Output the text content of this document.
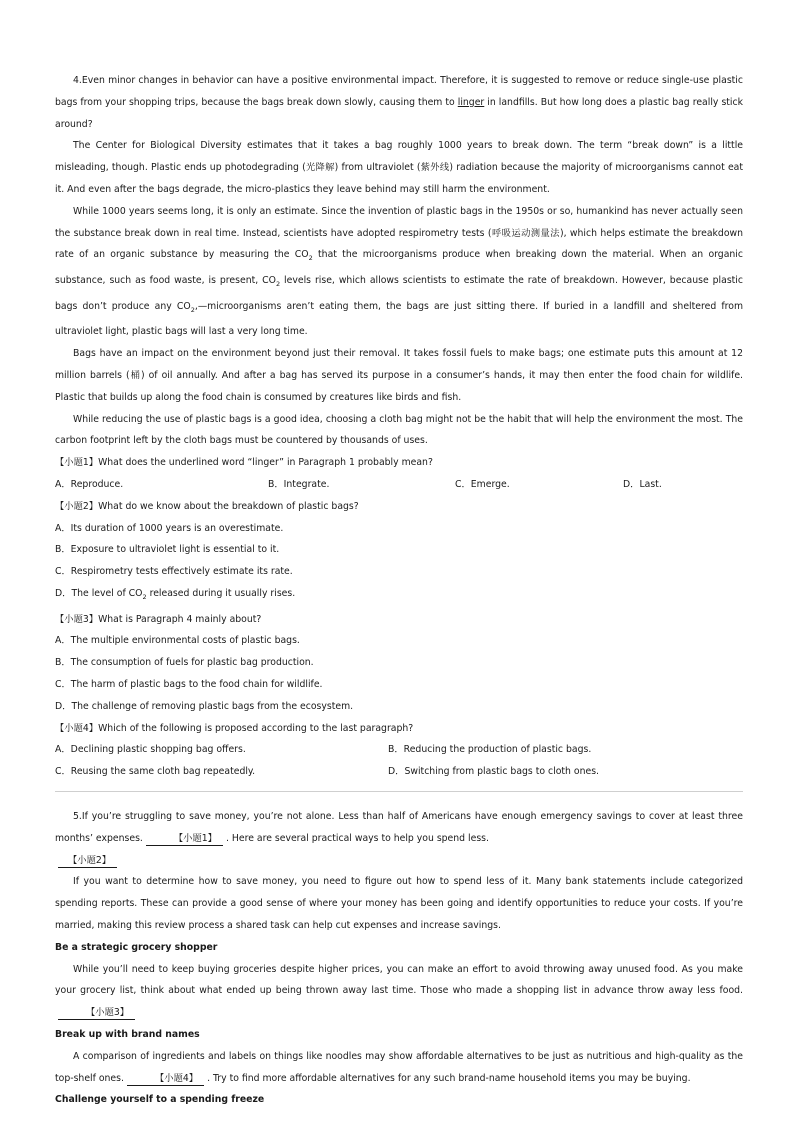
4.Even minor changes in behavior can have a positive environmental impact. Therefore, it is suggested to remove or reduce single-use plastic bags from your shopping trips, because the bags break down slowly, causing them to linger in landfills. But how long does a plastic bag really stick around?

The Center for Biological Diversity estimates that it takes a bag roughly 1000 years to break down. The term “break down” is a little misleading, though. Plastic ends up photodegrading (光降解) from ultraviolet (紫外线) radiation because the majority of microorganisms cannot eat it. And even after the bags degrade, the micro-plastics they leave behind may still harm the environment.

While 1000 years seems long, it is only an estimate. Since the invention of plastic bags in the 1950s or so, humankind has never actually seen the substance break down in real time. Instead, scientists have adopted respirometry tests (呼吸运动测量法), which helps estimate the breakdown rate of an organic substance by measuring the $CO_2$ that the microorganisms produce when breaking down the material. When an organic substance, such as food waste, is present, $CO_2$ levels rise, which allows scientists to estimate the rate of breakdown. However, because plastic bags don’t produce any $CO_2,—microorganisms$ aren’t eating them, the bags are just sitting there. If buried in a landfill and sheltered from ultraviolet light, plastic bags will last a very long time.

Bags have an impact on the environment beyond just their removal. It takes fossil fuels to make bags; one estimate puts this amount at 12 million barrels (桶) of oil annually. And after a bag has served its purpose in a consumer’s hands, it may then enter the food chain for wildlife. Plastic that builds up along the food chain is consumed by creatures like birds and fish.

While reducing the use of plastic bags is a good idea, choosing a cloth bag might not be the habit that will help the environment the most. The carbon footprint left by the cloth bags must be countered by thousands of uses.

【小题1】What does the underlined word “linger” in Paragraph 1 probably mean?

A．Reproduce.	B．Integrate.	C．Emerge.	D．Last.

【小题2】What do we know about the breakdown of plastic bags?

A．Its duration of 1000 years is an overestimate.

B．Exposure to ultraviolet light is essential to it.

C．Respirometry tests effectively estimate its rate.

D．The level of $CO_2$ released during it usually rises.

【小题3】What is Paragraph 4 mainly about?

A．The multiple environmental costs of plastic bags.

B．The consumption of fuels for plastic bag production.

C．The harm of plastic bags to the food chain for wildlife.

D．The challenge of removing plastic bags from the ecosystem.

【小题4】Which of the following is proposed according to the last paragraph?

A．Declining plastic shopping bag offers.	B．Reducing the production of plastic bags.
C．Reusing the same cloth bag repeatedly.	D．Switching from plastic bags to cloth ones.

5.If you’re struggling to save money, you’re not alone. Less than half of Americans have enough emergency savings to cover at least three months’ expenses.	【小题1】 . Here are several practical ways to help you spend less.

【小题2】

If you want to determine how to save money, you need to figure out how to spend less of it. Many bank statements include categorized spending reports. These can provide a good sense of where your money has been going and identify opportunities to reduce your costs. If you’re married, making this review process a shared task can help cut expenses and increase savings.

Be a strategic grocery shopper

While you’ll need to keep buying groceries despite higher prices, you can make an effort to avoid throwing away unused food. As you make your grocery list, think about what ended up being thrown away last time. Those who made a shopping list in advance throw away less food.【小题3】

Break up with brand names

A comparison of ingredients and labels on things like noodles may show affordable alternatives to be just as nutritious and high-quality as the top-shelf ones.	【小题4】 . Try to find more affordable alternatives for any such brand-name household items you may be buying.

Challenge yourself to a spending freeze
